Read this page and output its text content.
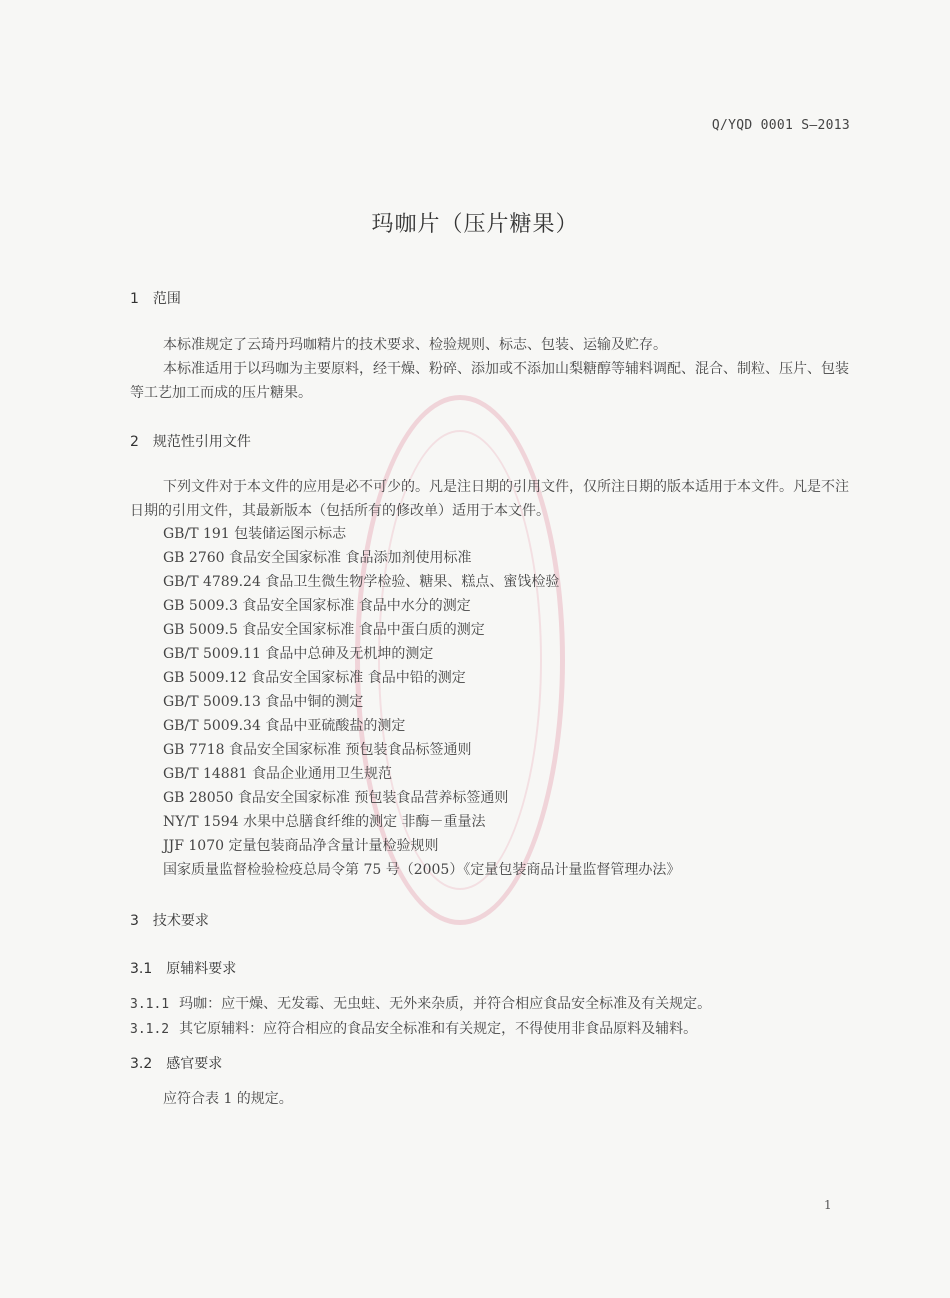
Q/YQD 0001 S—2013
玛咖片（压片糖果）
1 范围

本标准规定了云琦丹玛咖精片的技术要求、检验规则、标志、包装、运输及贮存。

本标准适用于以玛咖为主要原料，经干燥、粉碎、添加或不添加山梨糖醇等辅料调配、混合、制粒、压片、包装等工艺加工而成的压片糖果。

2 规范性引用文件

下列文件对于本文件的应用是必不可少的。凡是注日期的引用文件，仅所注日期的版本适用于本文件。凡是不注日期的引用文件，其最新版本（包括所有的修改单）适用于本文件。

GB/T 191 包装储运图示标志
GB 2760 食品安全国家标准 食品添加剂使用标准
GB/T 4789.24 食品卫生微生物学检验、糖果、糕点、蜜饯检验
GB 5009.3 食品安全国家标准 食品中水分的测定
GB 5009.5 食品安全国家标准 食品中蛋白质的测定
GB/T 5009.11 食品中总砷及无机坤的测定
GB 5009.12 食品安全国家标准 食品中铅的测定
GB/T 5009.13 食品中铜的测定
GB/T 5009.34 食品中亚硫酸盐的测定
GB 7718 食品安全国家标准 预包装食品标签通则
GB/T 14881 食品企业通用卫生规范
GB 28050 食品安全国家标准 预包装食品营养标签通则
NY/T 1594 水果中总膳食纤维的测定 非酶－重量法
JJF 1070 定量包装商品净含量计量检验规则
国家质量监督检验检疫总局令第 75 号（2005）《定量包装商品计量监督管理办法》
3 技术要求
3.1 原辅料要求
3.1.1 玛咖：应干燥、无发霉、无虫蛀、无外来杂质，并符合相应食品安全标准及有关规定。
3.1.2 其它原辅料：应符合相应的食品安全标准和有关规定，不得使用非食品原料及辅料。
3.2 感官要求
应符合表 1 的规定。
1
